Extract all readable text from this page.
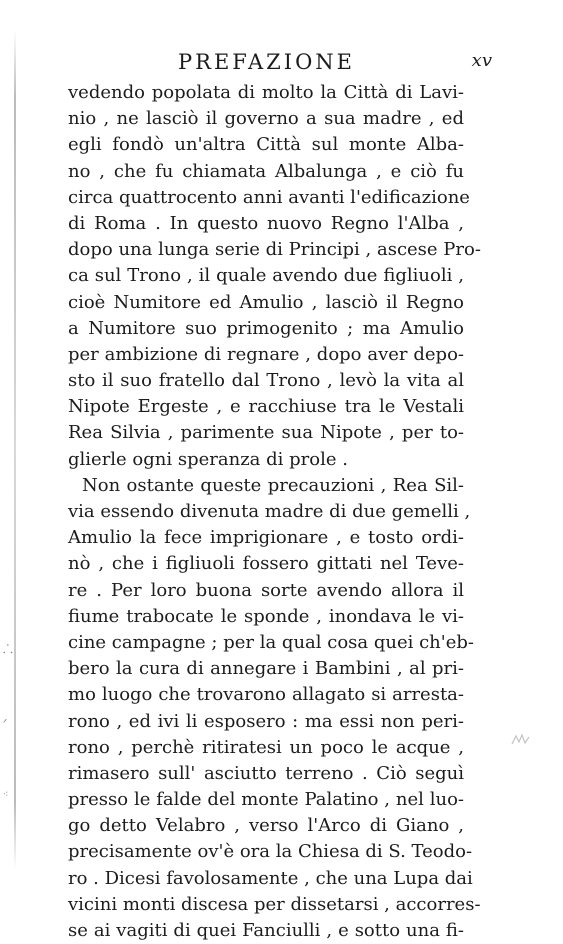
⸫
ᐟ
⁖
PREFAZIONE	xv
vedendo popolata di molto la Città di Lavi-
nio , ne lasciò il governo a sua madre , ed
egli fondò un'altra Città sul monte Alba-
no , che fu chiamata Albalunga , e ciò fu
circa quattrocento anni avanti l'edificazione
di Roma . In questo nuovo Regno l'Alba ,
dopo una lunga serie di Principi , ascese Pro-
ca sul Trono , il quale avendo due figliuoli ,
cioè Numitore ed Amulio , lasciò il Regno
a Numitore suo primogenito ; ma Amulio
per ambizione di regnare , dopo aver depo-
sto il suo fratello dal Trono , levò la vita al
Nipote Ergeste , e racchiuse tra le Vestali
Rea Silvia , parimente sua Nipote , per to-
glierle ogni speranza di prole .
Non ostante queste precauzioni , Rea Sil-
via essendo divenuta madre di due gemelli ,
Amulio la fece imprigionare , e tosto ordi-
nò , che i figliuoli fossero gittati nel Teve-
re . Per loro buona sorte avendo allora il
fiume trabocate le sponde , inondava le vi-
cine campagne ; per la qual cosa quei ch'eb-
bero la cura di annegare i Bambini , al pri-
mo luogo che trovarono allagato si arresta-
rono , ed ivi li esposero : ma essi non peri-
rono , perchè ritiratesi un poco le acque ,
rimasero sull' asciutto terreno . Ciò seguì
presso le falde del monte Palatino , nel luo-
go detto Velabro , verso l'Arco di Giano ,
precisamente ov'è ora la Chiesa di S. Teodo-
ro . Dicesi favolosamente , che una Lupa dai
vicini monti discesa per dissetarsi , accorres-
se ai vagiti di quei Fanciulli , e sotto una fi-
